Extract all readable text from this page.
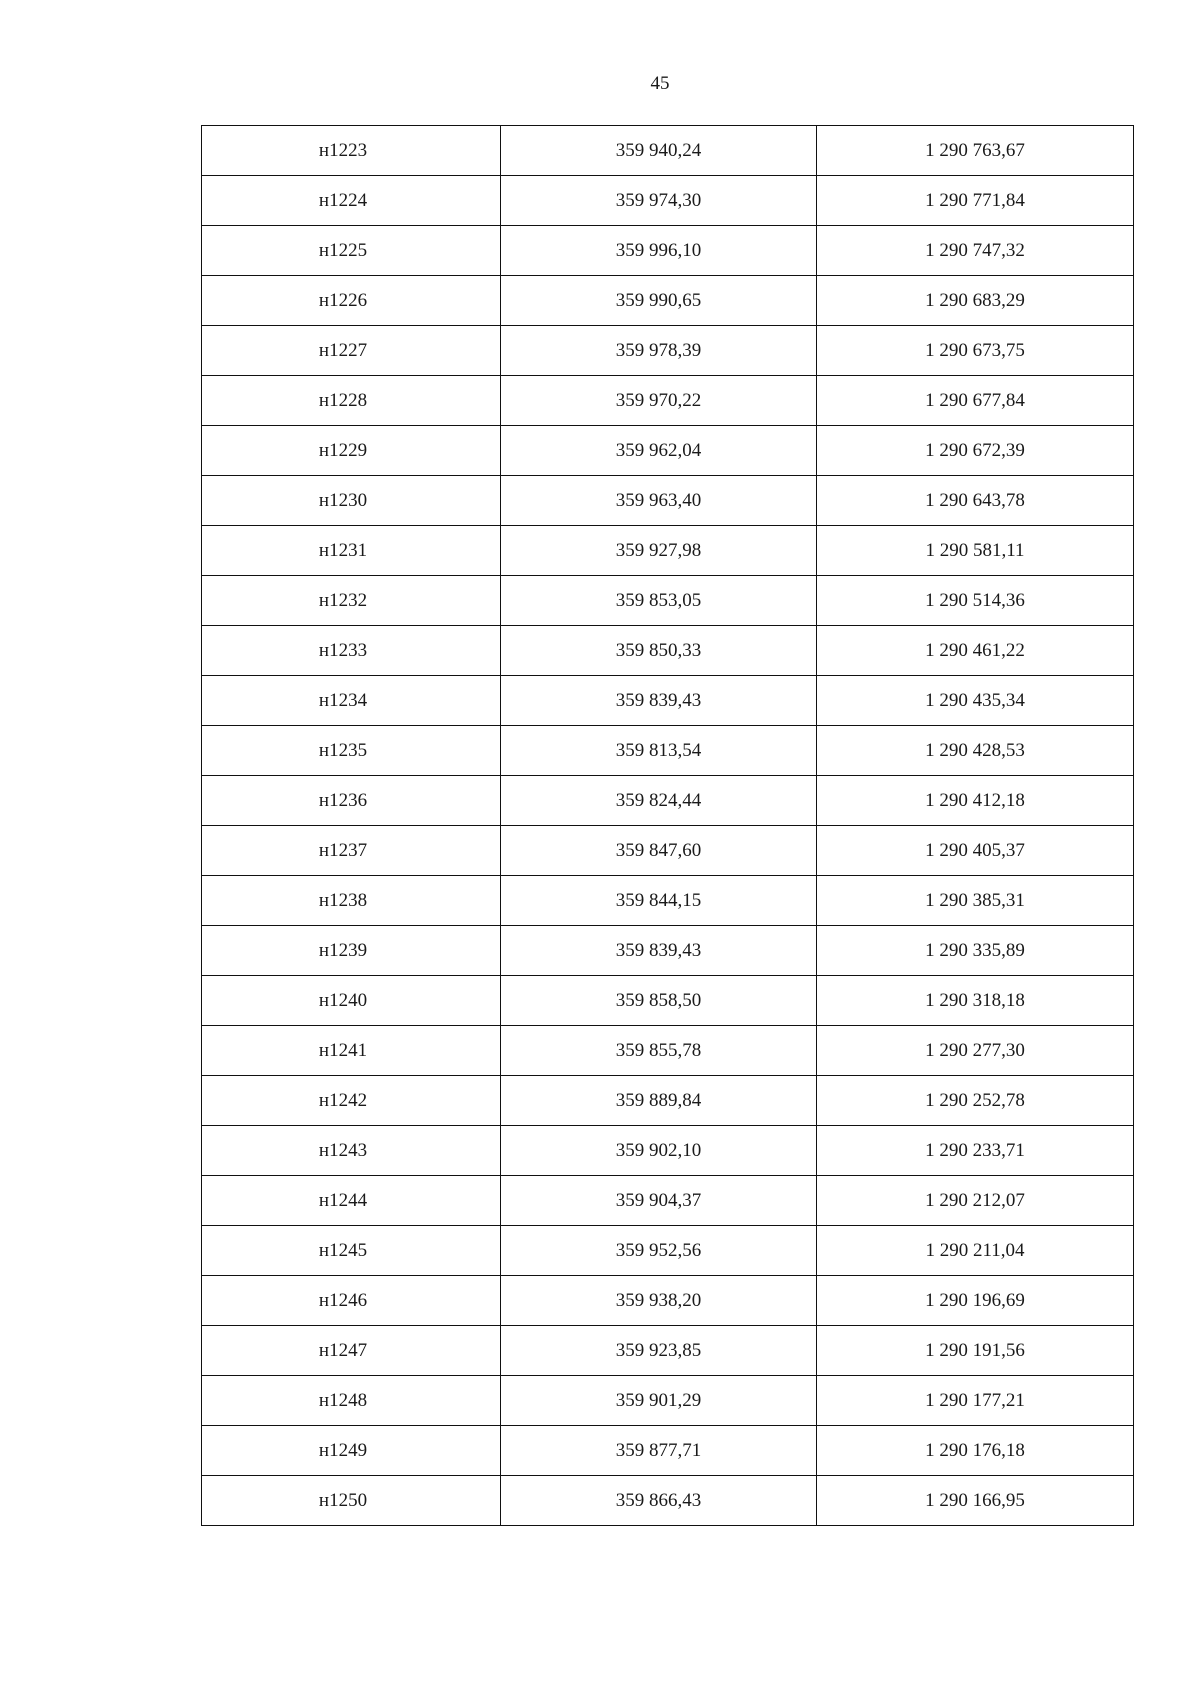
45
н1223	359 940,24	1 290 763,67
н1224	359 974,30	1 290 771,84
н1225	359 996,10	1 290 747,32
н1226	359 990,65	1 290 683,29
н1227	359 978,39	1 290 673,75
н1228	359 970,22	1 290 677,84
н1229	359 962,04	1 290 672,39
н1230	359 963,40	1 290 643,78
н1231	359 927,98	1 290 581,11
н1232	359 853,05	1 290 514,36
н1233	359 850,33	1 290 461,22
н1234	359 839,43	1 290 435,34
н1235	359 813,54	1 290 428,53
н1236	359 824,44	1 290 412,18
н1237	359 847,60	1 290 405,37
н1238	359 844,15	1 290 385,31
н1239	359 839,43	1 290 335,89
н1240	359 858,50	1 290 318,18
н1241	359 855,78	1 290 277,30
н1242	359 889,84	1 290 252,78
н1243	359 902,10	1 290 233,71
н1244	359 904,37	1 290 212,07
н1245	359 952,56	1 290 211,04
н1246	359 938,20	1 290 196,69
н1247	359 923,85	1 290 191,56
н1248	359 901,29	1 290 177,21
н1249	359 877,71	1 290 176,18
н1250	359 866,43	1 290 166,95
